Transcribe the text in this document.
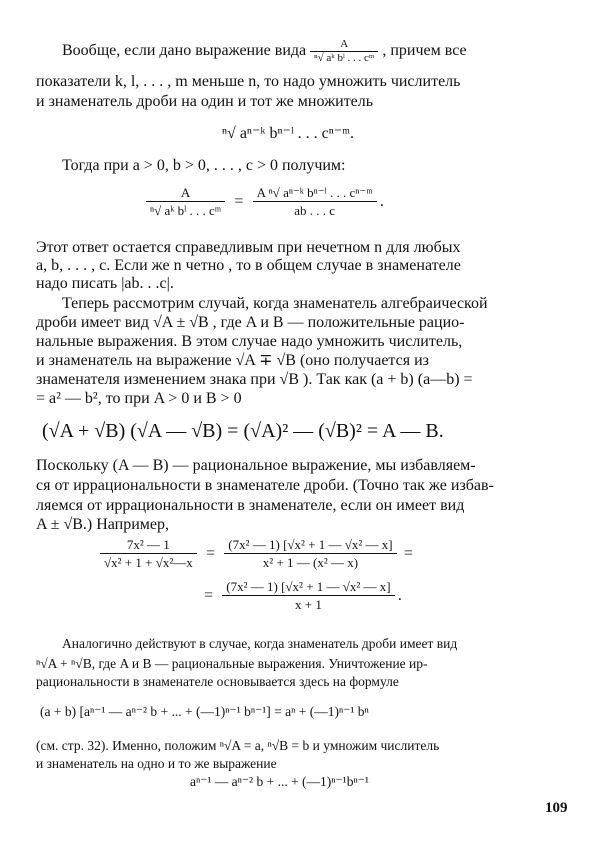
Вообще, если дано выражение вида $\frac{A}{\text{ⁿ√ aᵏ bˡ . . . cᵐ}}$ , причем все
показатели k, l, . . . , m меньше n, то надо умножить числитель
и знаменатель дроби на один и тот же множитель
ⁿ√ aⁿ⁻ᵏ bⁿ⁻ˡ . . . cⁿ⁻ᵐ.
Тогда при a > 0, b > 0, . . . , c > 0 получим:
$\frac{A}{\text{ⁿ√ aᵏ bˡ . . . cᵐ}} = \frac{\text{A ⁿ√ aⁿ⁻ᵏ bⁿ⁻ˡ . . . cⁿ⁻ᵐ}}{ab . . . c}$ .
Этот ответ остается справедливым при нечетном n для любых
a, b, . . . , c. Если же n четно , то в общем случае в знаменателе
надо писать |ab. . .c|.
Теперь рассмотрим случай, когда знаменатель алгебраической
дроби имеет вид √A ± √B , где A и B — положительные рацио-
нальные выражения. В этом случае надо умножить числитель,
и знаменатель на выражение √A ∓ √B (оно получается из
знаменателя изменением знака при √B ). Так как (a + b) (a—b) =
= a² — b², то при A > 0 и B > 0
(√A + √B) (√A — √B) = (√A)² — (√B)² = A — B.
Поскольку (A — B) — рациональное выражение, мы избавляем-
ся от иррациональности в знаменателе дроби. (Точно так же избав-
ляемся от иррациональности в знаменателе, если он имеет вид
A ± √B.) Например,
$\frac{\text{7x² — 1}}{\text{√x² + 1 + √x²—x}} = \frac{\text{(7x² — 1) [√x² + 1 — √x² — x]}}{\text{x² + 1 — (x² — x)}}$ =
= $\frac{\text{(7x² — 1) [√x² + 1 — √x² — x]}}{x + 1}$ .
Аналогично действуют в случае, когда знаменатель дроби имеет вид
ⁿ√A + ⁿ√B, где A и B — рациональные выражения. Уничтожение ир-
рациональности в знаменателе основывается здесь на формуле
(a + b) [aⁿ⁻¹ — aⁿ⁻² b + ... + (—1)ⁿ⁻¹ bⁿ⁻¹] = aⁿ + (—1)ⁿ⁻¹ bⁿ
(см. стр. 32). Именно, положим ⁿ√A = a, ⁿ√B = b и умножим числитель
и знаменатель на одно и то же выражение
aⁿ⁻¹ — aⁿ⁻² b + ... + (—1)ⁿ⁻¹bⁿ⁻¹
109
